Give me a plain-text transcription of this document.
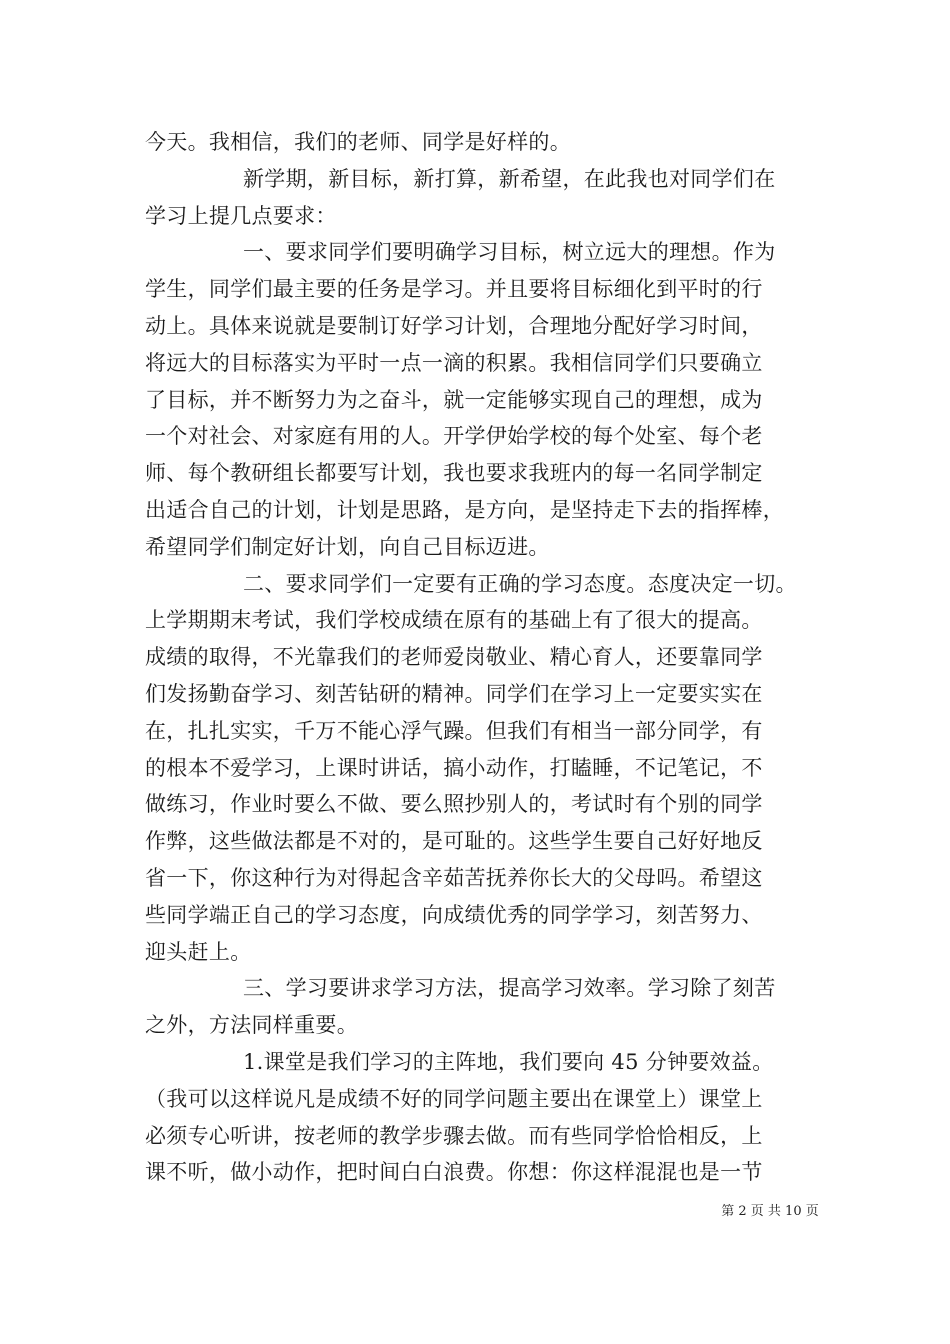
今天。我相信，我们的老师、同学是好样的。
新学期，新目标，新打算，新希望，在此我也对同学们在
学习上提几点要求：
一、要求同学们要明确学习目标，树立远大的理想。作为
学生，同学们最主要的任务是学习。并且要将目标细化到平时的行
动上。具体来说就是要制订好学习计划，合理地分配好学习时间，
将远大的目标落实为平时一点一滴的积累。我相信同学们只要确立
了目标，并不断努力为之奋斗，就一定能够实现自己的理想，成为
一个对社会、对家庭有用的人。开学伊始学校的每个处室、每个老
师、每个教研组长都要写计划，我也要求我班内的每一名同学制定
出适合自己的计划，计划是思路，是方向，是坚持走下去的指挥棒，
希望同学们制定好计划，向自己目标迈进。
二、要求同学们一定要有正确的学习态度。态度决定一切。
上学期期末考试，我们学校成绩在原有的基础上有了很大的提高。
成绩的取得，不光靠我们的老师爱岗敬业、精心育人，还要靠同学
们发扬勤奋学习、刻苦钻研的精神。同学们在学习上一定要实实在
在，扎扎实实，千万不能心浮气躁。但我们有相当一部分同学，有
的根本不爱学习，上课时讲话，搞小动作，打瞌睡，不记笔记，不
做练习，作业时要么不做、要么照抄别人的，考试时有个别的同学
作弊，这些做法都是不对的，是可耻的。这些学生要自己好好地反
省一下，你这种行为对得起含辛茹苦抚养你长大的父母吗。希望这
些同学端正自己的学习态度，向成绩优秀的同学学习，刻苦努力、
迎头赶上。
三、学习要讲求学习方法，提高学习效率。学习除了刻苦
之外，方法同样重要。
1.课堂是我们学习的主阵地，我们要向 45 分钟要效益。
（我可以这样说凡是成绩不好的同学问题主要出在课堂上）课堂上
必须专心听讲，按老师的教学步骤去做。而有些同学恰恰相反，上
课不听，做小动作，把时间白白浪费。你想：你这样混混也是一节
第 2 页 共 10 页
